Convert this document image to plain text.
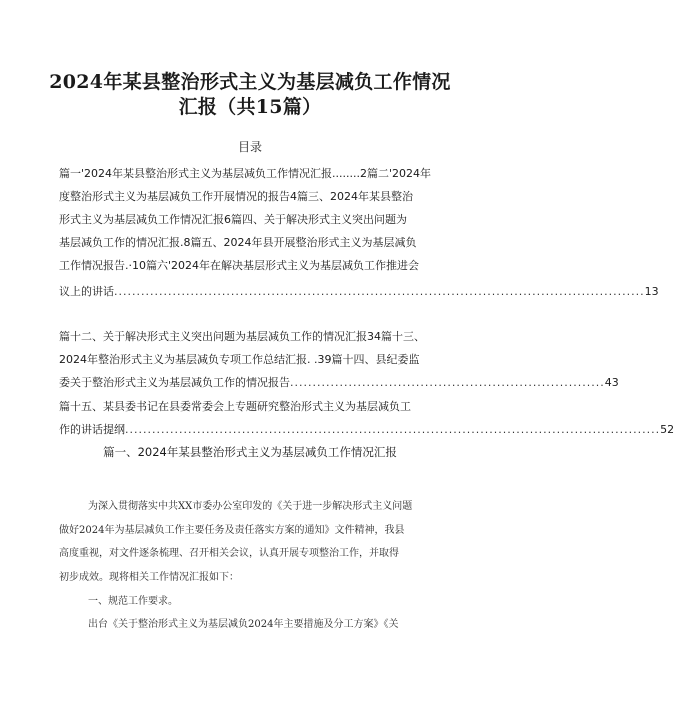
2024年某县整治形式主义为基层减负工作情况
汇报（共15篇）
目录
篇一'2024年某县整治形式主义为基层减负工作情况汇报........2篇二'2024年
度整治形式主义为基层减负工作开展情况的报告4篇三、2024年某县整治
形式主义为基层减负工作情况汇报6篇四、关于解决形式主义突出问题为
基层减负工作的情况汇报.8篇五、2024年县开展整治形式主义为基层减负
工作情况报告.·10篇六'2024年在解决基层形式主义为基层减负工作推进会
议上的讲话 ...................................................................................................................... 13
篇十二、关于解决形式主义突出问题为基层减负工作的情况汇报34篇十三、
2024年整治形式主义为基层减负专项工作总结汇报. .39篇十四、县纪委监
委关于整治形式主义为基层减负工作的情况报告 ...................................................................... 43
篇十五、某县委书记在县委常委会上专题研究整治形式主义为基层减负工
作的讲话提纲 ....................................................................................................................... 52
篇一、2024年某县整治形式主义为基层减负工作情况汇报
为深入贯彻落实中共XX市委办公室印发的《关于进一步解决形式主义问题
做好2024年为基层减负工作主要任务及责任落实方案的通知》文件精神，我县
高度重视，对文件逐条梳理、召开相关会议，认真开展专项整治工作，并取得
初步成效。现将相关工作情况汇报如下：
一、规范工作要求。
出台《关于整治形式主义为基层减负2024年主要措施及分工方案》《关
